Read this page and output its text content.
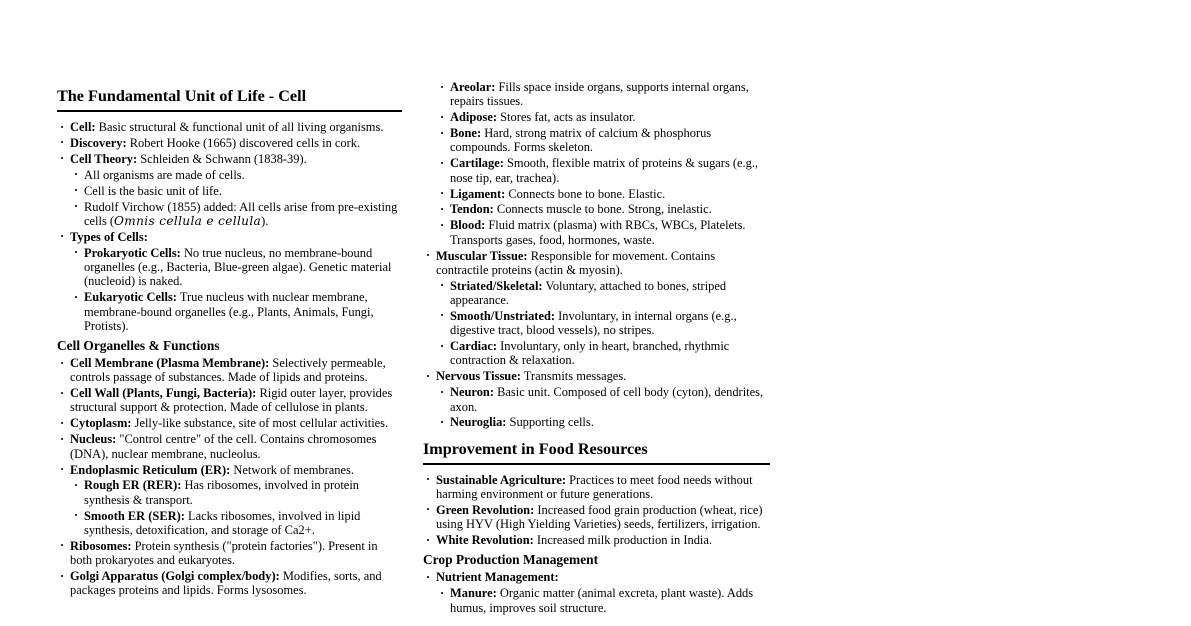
The Fundamental Unit of Life - Cell
· Cell: Basic structural & functional unit of all living organisms.
· Discovery: Robert Hooke (1665) discovered cells in cork.
· Cell Theory: Schleiden & Schwann (1838-39).
· All organisms are made of cells.
· Cell is the basic unit of life.
· Rudolf Virchow (1855) added: All cells arise from pre-existing cells (Omnis cellula e cellula).
· Types of Cells:
· Prokaryotic Cells: No true nucleus, no membrane-bound organelles (e.g., Bacteria, Blue-green algae). Genetic material (nucleoid) is naked.
· Eukaryotic Cells: True nucleus with nuclear membrane, membrane-bound organelles (e.g., Plants, Animals, Fungi, Protists).
Cell Organelles & Functions
· Cell Membrane (Plasma Membrane): Selectively permeable, controls passage of substances. Made of lipids and proteins.
· Cell Wall (Plants, Fungi, Bacteria): Rigid outer layer, provides structural support & protection. Made of cellulose in plants.
· Cytoplasm: Jelly-like substance, site of most cellular activities.
· Nucleus: "Control centre" of the cell. Contains chromosomes (DNA), nuclear membrane, nucleolus.
· Endoplasmic Reticulum (ER): Network of membranes.
· Rough ER (RER): Has ribosomes, involved in protein synthesis & transport.
· Smooth ER (SER): Lacks ribosomes, involved in lipid synthesis, detoxification, and storage of Ca2+.
· Ribosomes: Protein synthesis ("protein factories"). Present in both prokaryotes and eukaryotes.
· Golgi Apparatus (Golgi complex/body): Modifies, sorts, and packages proteins and lipids. Forms lysosomes.
· Areolar: Fills space inside organs, supports internal organs, repairs tissues.
· Adipose: Stores fat, acts as insulator.
· Bone: Hard, strong matrix of calcium & phosphorus compounds. Forms skeleton.
· Cartilage: Smooth, flexible matrix of proteins & sugars (e.g., nose tip, ear, trachea).
· Ligament: Connects bone to bone. Elastic.
· Tendon: Connects muscle to bone. Strong, inelastic.
· Blood: Fluid matrix (plasma) with RBCs, WBCs, Platelets. Transports gases, food, hormones, waste.
· Muscular Tissue: Responsible for movement. Contains contractile proteins (actin & myosin).
· Striated/Skeletal: Voluntary, attached to bones, striped appearance.
· Smooth/Unstriated: Involuntary, in internal organs (e.g., digestive tract, blood vessels), no stripes.
· Cardiac: Involuntary, only in heart, branched, rhythmic contraction & relaxation.
· Nervous Tissue: Transmits messages.
· Neuron: Basic unit. Composed of cell body (cyton), dendrites, axon.
· Neuroglia: Supporting cells.
Improvement in Food Resources
· Sustainable Agriculture: Practices to meet food needs without harming environment or future generations.
· Green Revolution: Increased food grain production (wheat, rice) using HYV (High Yielding Varieties) seeds, fertilizers, irrigation.
· White Revolution: Increased milk production in India.
Crop Production Management
· Nutrient Management:
· Manure: Organic matter (animal excreta, plant waste). Adds humus, improves soil structure.
